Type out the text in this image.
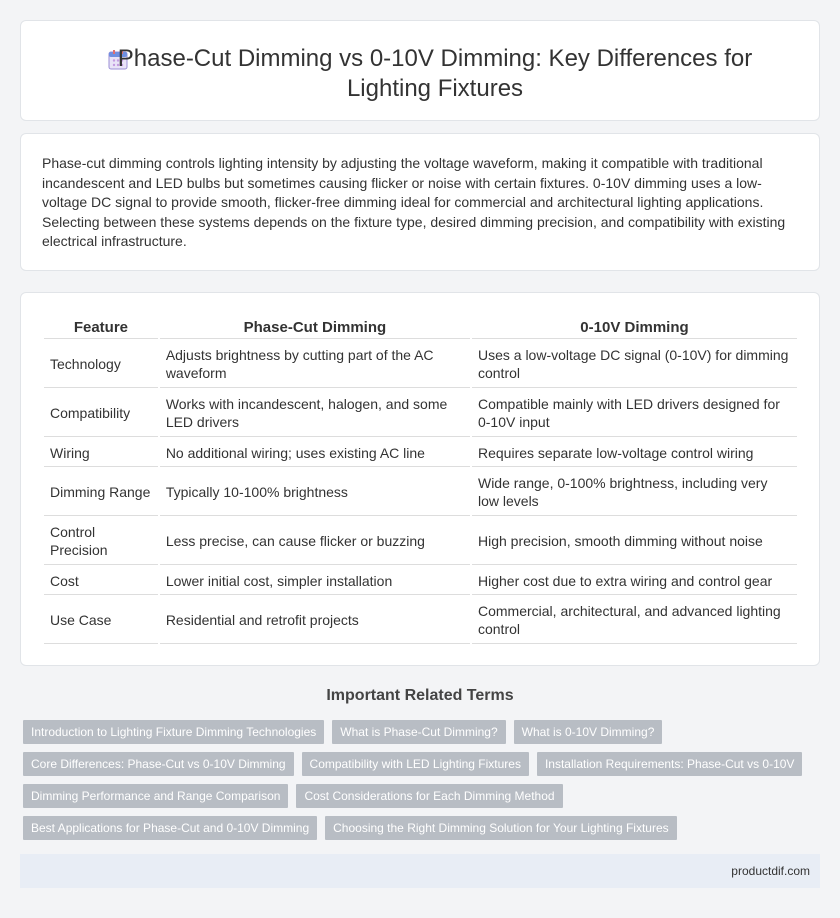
Phase-Cut Dimming vs 0-10V Dimming: Key Differences for Lighting Fixtures

Phase-cut dimming controls lighting intensity by adjusting the voltage waveform, making it compatible with traditional incandescent and LED bulbs but sometimes causing flicker or noise with certain fixtures. 0-10V dimming uses a low-voltage DC signal to provide smooth, flicker-free dimming ideal for commercial and architectural lighting applications. Selecting between these systems depends on the fixture type, desired dimming precision, and compatibility with existing electrical infrastructure.

Feature	Phase-Cut Dimming	0-10V Dimming
Technology	Adjusts brightness by cutting part of the AC waveform	Uses a low-voltage DC signal (0-10V) for dimming control
Compatibility	Works with incandescent, halogen, and some LED drivers	Compatible mainly with LED drivers designed for 0-10V input
Wiring	No additional wiring; uses existing AC line	Requires separate low-voltage control wiring
Dimming Range	Typically 10-100% brightness	Wide range, 0-100% brightness, including very low levels
Control Precision	Less precise, can cause flicker or buzzing	High precision, smooth dimming without noise
Cost	Lower initial cost, simpler installation	Higher cost due to extra wiring and control gear
Use Case	Residential and retrofit projects	Commercial, architectural, and advanced lighting control
Important Related Terms
Introduction to Lighting Fixture Dimming Technologies	What is Phase-Cut Dimming?	What is 0-10V Dimming?
Core Differences: Phase-Cut vs 0-10V Dimming	Compatibility with LED Lighting Fixtures	Installation Requirements: Phase-Cut vs 0-10V
Dimming Performance and Range Comparison	Cost Considerations for Each Dimming Method
Best Applications for Phase-Cut and 0-10V Dimming	Choosing the Right Dimming Solution for Your Lighting Fixtures
productdif.com
